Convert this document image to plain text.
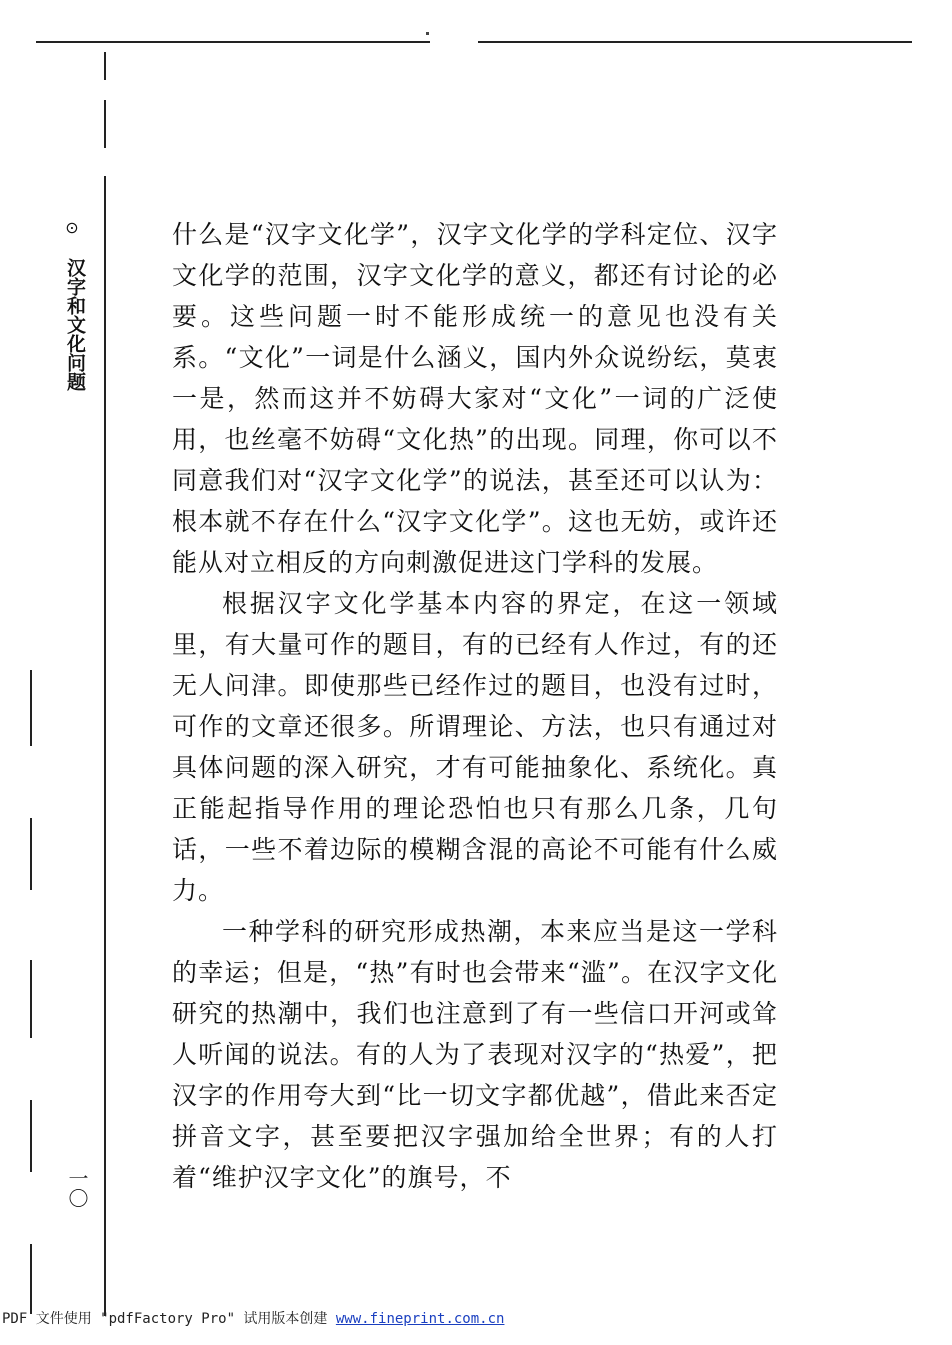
⊙
汉字和文化问题
一〇

什么是“汉字文化学”，汉字文化学的学科定位、汉字文化学的范围，汉字文化学的意义，都还有讨论的必要。这些问题一时不能形成统一的意见也没有关系。“文化”一词是什么涵义，国内外众说纷纭，莫衷一是，然而这并不妨碍大家对“文化”一词的广泛使用，也丝毫不妨碍“文化热”的出现。同理，你可以不同意我们对“汉字文化学”的说法，甚至还可以认为：根本就不存在什么“汉字文化学”。这也无妨，或许还能从对立相反的方向刺激促进这门学科的发展。

根据汉字文化学基本内容的界定，在这一领域里，有大量可作的题目，有的已经有人作过，有的还无人问津。即使那些已经作过的题目，也没有过时，可作的文章还很多。所谓理论、方法，也只有通过对具体问题的深入研究，才有可能抽象化、系统化。真正能起指导作用的理论恐怕也只有那么几条，几句话，一些不着边际的模糊含混的高论不可能有什么威力。

一种学科的研究形成热潮，本来应当是这一学科的幸运；但是，“热”有时也会带来“滥”。在汉字文化研究的热潮中，我们也注意到了有一些信口开河或耸人听闻的说法。有的人为了表现对汉字的“热爱”，把汉字的作用夸大到“比一切文字都优越”，借此来否定拼音文字，甚至要把汉字强加给全世界；有的人打着“维护汉字文化”的旗号，不

PDF 文件使用 "pdfFactory Pro" 试用版本创建 www.fineprint.com.cn
